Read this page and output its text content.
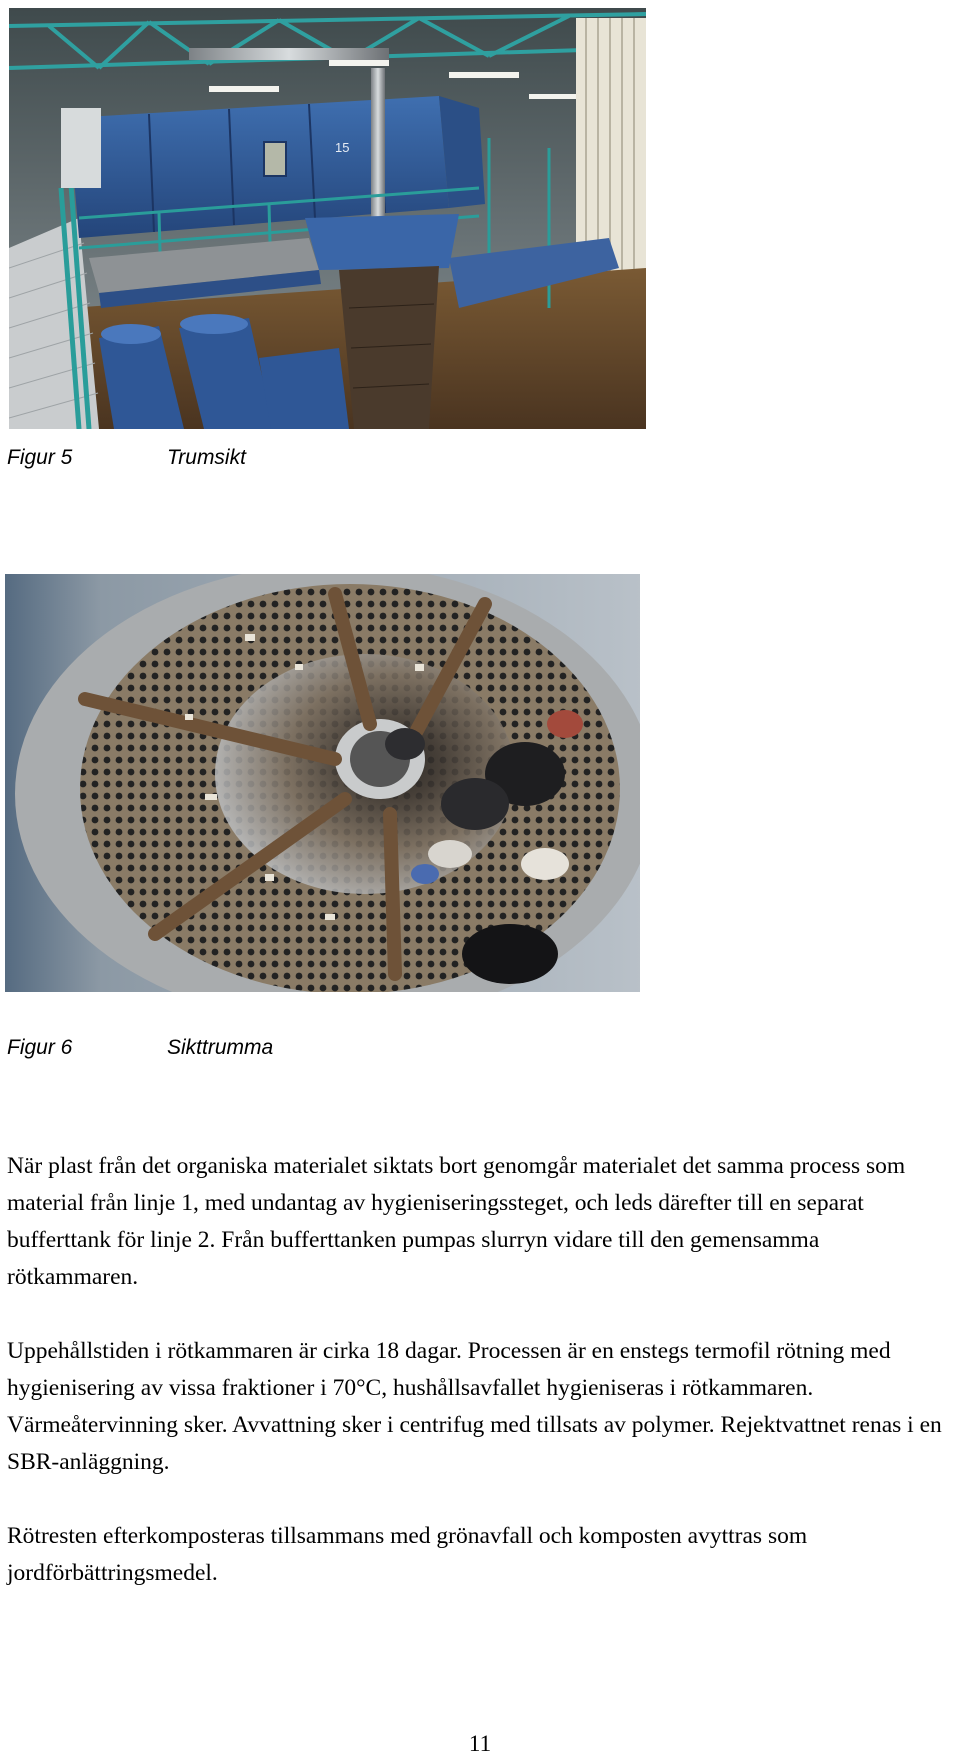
15
Figur 5	Trumsikt
Figur 6	Sikttrumma

När plast från det organiska materialet siktats bort genomgår materialet det samma process som material från linje 1, med undantag av hygieniseringssteget, och leds därefter till en separat bufferttank för linje 2. Från bufferttanken pumpas slurryn vidare till den gemensamma rötkammaren.

Uppehållstiden i rötkammaren är cirka 18 dagar. Processen är en enstegs termofil rötning med hygienisering av vissa fraktioner i 70°C, hushållsavfallet hygieniseras i rötkammaren. Värmeåtervinning sker. Avvattning sker i centrifug med tillsats av polymer. Rejektvattnet renas i en SBR-anläggning.

Rötresten efterkomposteras tillsammans med grönavfall och komposten avyttras som jordförbättringsmedel.

11
